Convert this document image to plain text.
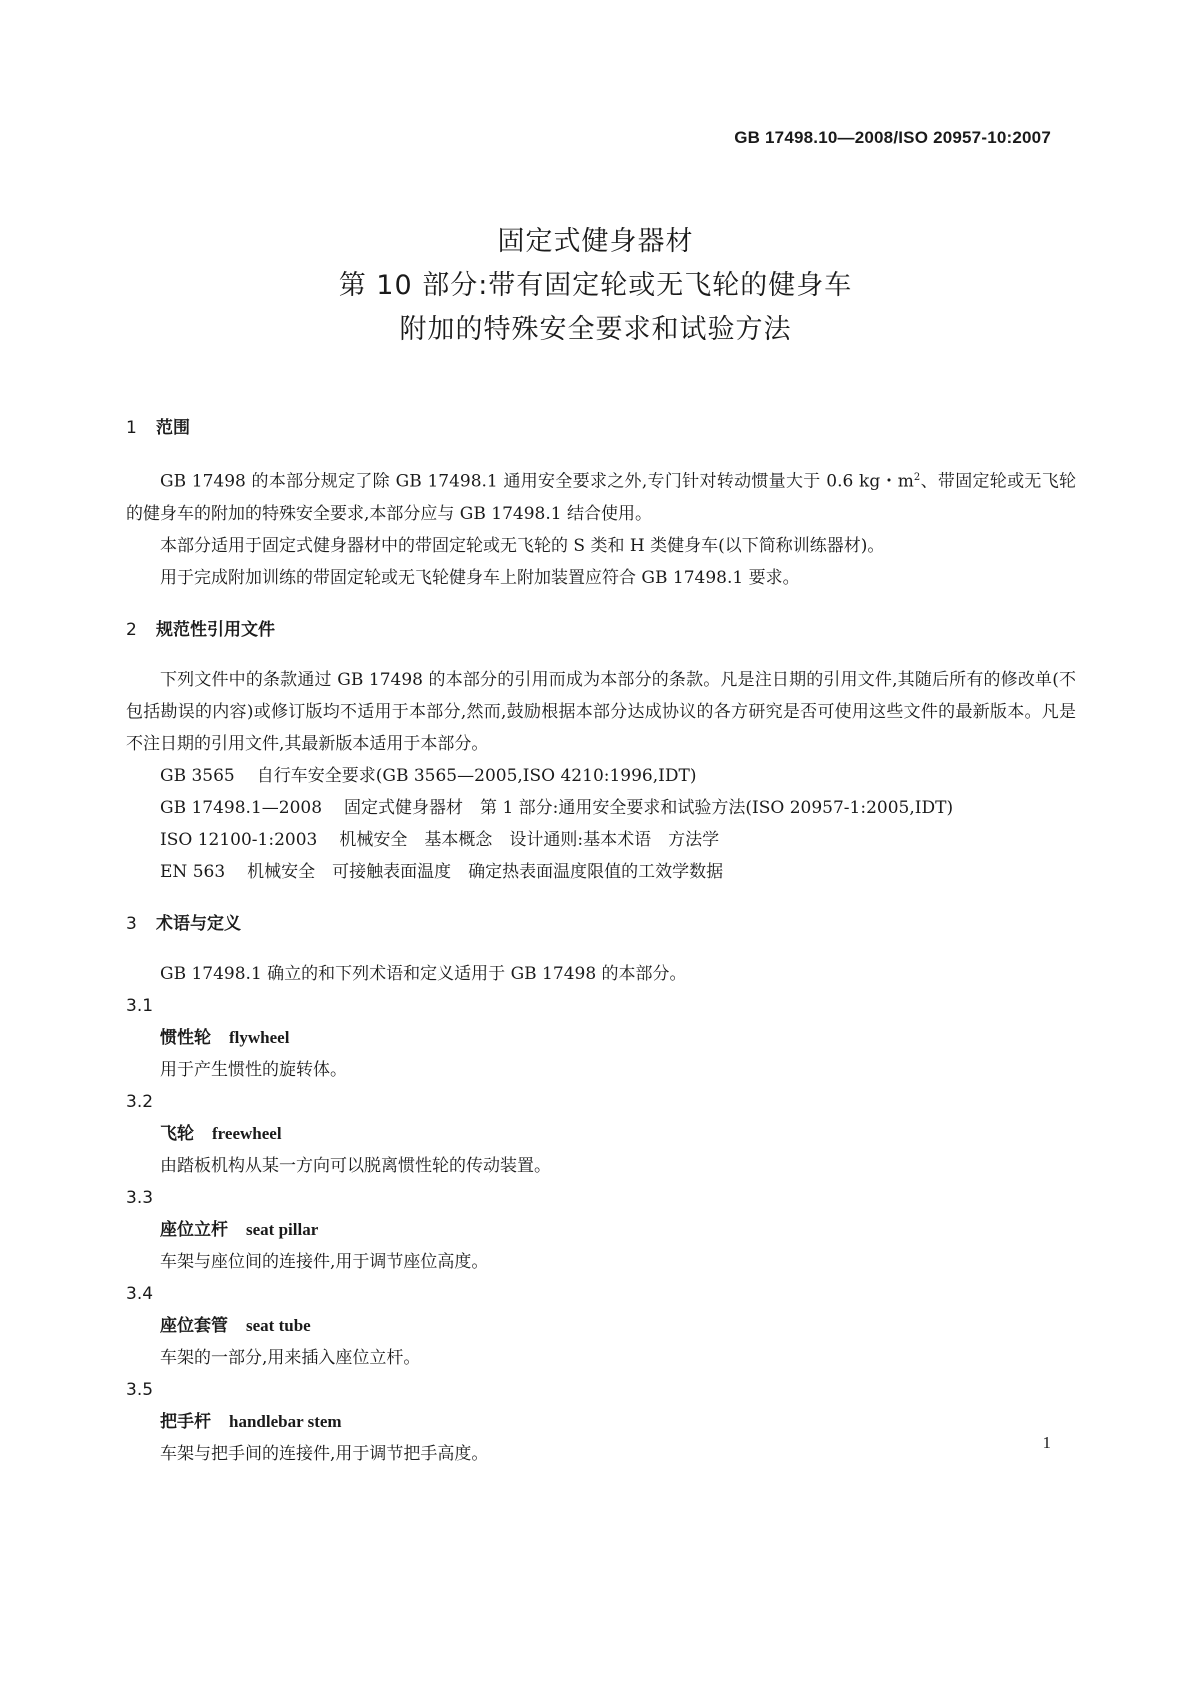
GB 17498.10—2008/ISO 20957-10:2007
固定式健身器材
第 10 部分:带有固定轮或无飞轮的健身车
附加的特殊安全要求和试验方法

1 范围

GB 17498 的本部分规定了除 GB 17498.1 通用安全要求之外,专门针对转动惯量大于 0.6 kg・$m^2$、带固定轮或无飞轮的健身车的附加的特殊安全要求,本部分应与 GB 17498.1 结合使用。

本部分适用于固定式健身器材中的带固定轮或无飞轮的 S 类和 H 类健身车(以下简称训练器材)。

用于完成附加训练的带固定轮或无飞轮健身车上附加装置应符合 GB 17498.1 要求。

2 规范性引用文件

下列文件中的条款通过 GB 17498 的本部分的引用而成为本部分的条款。凡是注日期的引用文件,其随后所有的修改单(不包括勘误的内容)或修订版均不适用于本部分,然而,鼓励根据本部分达成协议的各方研究是否可使用这些文件的最新版本。凡是不注日期的引用文件,其最新版本适用于本部分。

GB 3565 自行车安全要求(GB 3565—2005,ISO 4210:1996,IDT)

GB 17498.1—2008 固定式健身器材　第 1 部分:通用安全要求和试验方法(ISO 20957-1:2005,IDT)

ISO 12100-1:2003 机械安全　基本概念　设计通则:基本术语　方法学

EN 563 机械安全　可接触表面温度　确定热表面温度限值的工效学数据

3 术语与定义

GB 17498.1 确立的和下列术语和定义适用于 GB 17498 的本部分。

3.1

惯性轮 flywheel

用于产生惯性的旋转体。

3.2

飞轮 freewheel

由踏板机构从某一方向可以脱离惯性轮的传动装置。

3.3

座位立杆 seat pillar

车架与座位间的连接件,用于调节座位高度。

3.4

座位套管 seat tube

车架的一部分,用来插入座位立杆。

3.5

把手杆 handlebar stem

车架与把手间的连接件,用于调节把手高度。

1
